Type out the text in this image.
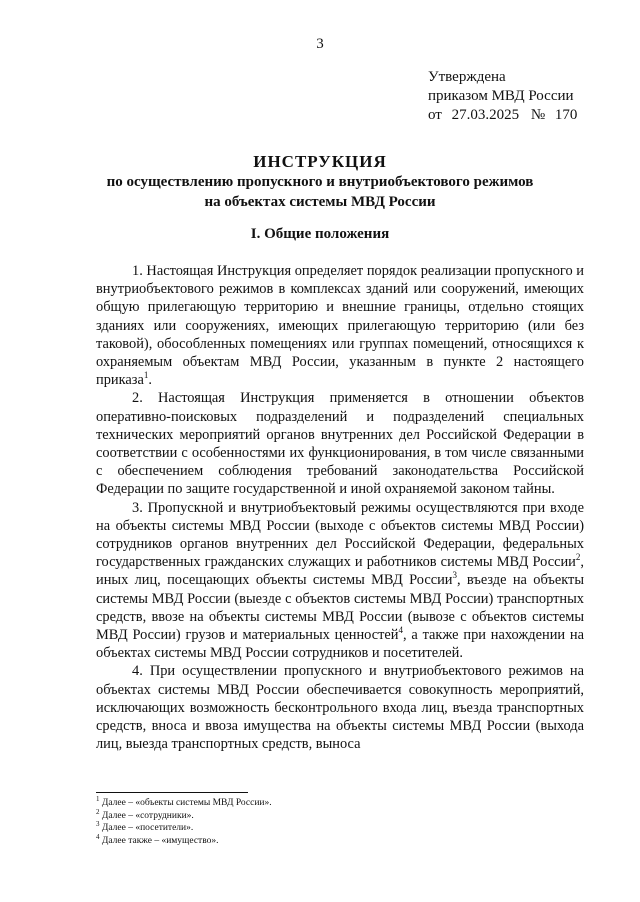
3
Утверждена
приказом МВД России
от 27.03.2025 № 170
ИНСТРУКЦИЯ
по осуществлению пропускного и внутриобъектового режимов
на объектах системы МВД России
I. Общие положения

1. Настоящая Инструкция определяет порядок реализации пропускного и внутриобъектового режимов в комплексах зданий или сооружений, имеющих общую прилегающую территорию и внешние границы, отдельно стоящих зданиях или сооружениях, имеющих прилегающую территорию (или без таковой), обособленных помещениях или группах помещений, относящихся к охраняемым объектам МВД России, указанным в пункте 2 настоящего приказа$^1$.

2. Настоящая Инструкция применяется в отношении объектов оперативно-поисковых подразделений и подразделений специальных технических мероприятий органов внутренних дел Российской Федерации в соответствии с особенностями их функционирования, в том числе связанными с обеспечением соблюдения требований законодательства Российской Федерации по защите государственной и иной охраняемой законом тайны.

3. Пропускной и внутриобъектовый режимы осуществляются при входе на объекты системы МВД России (выходе с объектов системы МВД России) сотрудников органов внутренних дел Российской Федерации, федеральных государственных гражданских служащих и работников системы МВД России$^2$, иных лиц, посещающих объекты системы МВД России$^3$, въезде на объекты системы МВД России (выезде с объектов системы МВД России) транспортных средств, ввозе на объекты системы МВД России (вывозе с объектов системы МВД России) грузов и материальных ценностей$^4$, а также при нахождении на объектах системы МВД России сотрудников и посетителей.

4. При осуществлении пропускного и внутриобъектового режимов на объектах системы МВД России обеспечивается совокупность мероприятий, исключающих возможность бесконтрольного входа лиц, въезда транспортных средств, вноса и ввоза имущества на объекты системы МВД России (выхода лиц, выезда транспортных средств, выноса

$^1$ Далее – «объекты системы МВД России».
$^2$ Далее – «сотрудники».
$^3$ Далее – «посетители».
$^4$ Далее также – «имущество».
